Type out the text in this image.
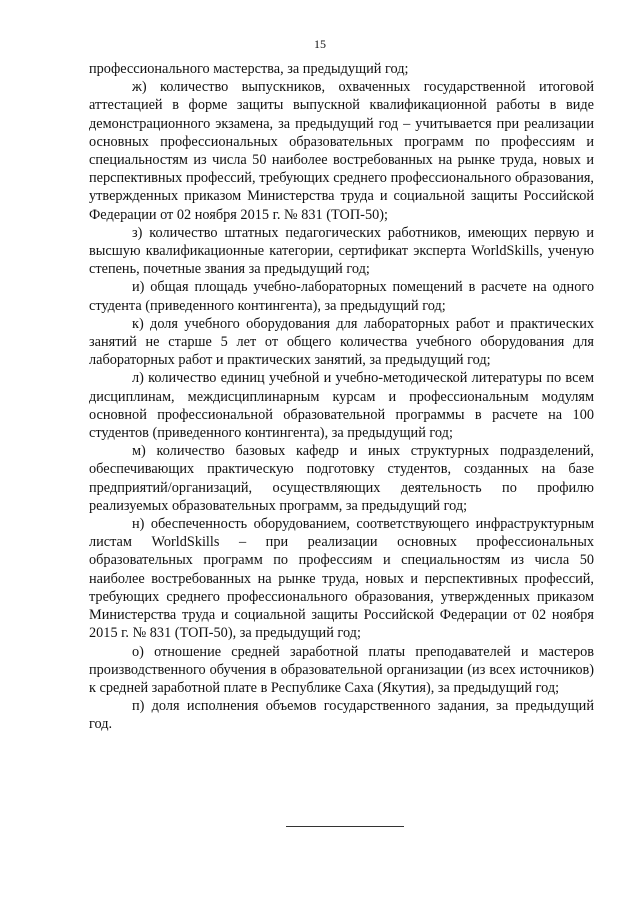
15

профессионального мастерства, за предыдущий год;

ж) количество выпускников, охваченных государственной итоговой аттестацией в форме защиты выпускной квалификационной работы в виде демонстрационного экзамена, за предыдущий год – учитывается при реализации основных профессиональных образовательных программ по профессиям и специальностям из числа 50 наиболее востребованных на рынке труда, новых и перспективных профессий, требующих среднего профессионального образования, утвержденных приказом Министерства труда и социальной защиты Российской Федерации от 02 ноября 2015 г. № 831 (ТОП-50);

з) количество штатных педагогических работников, имеющих первую и высшую квалификационные категории, сертификат эксперта WorldSkills, ученую степень, почетные звания за предыдущий год;

и) общая площадь учебно-лабораторных помещений в расчете на одного студента (приведенного контингента), за предыдущий год;

к) доля учебного оборудования для лабораторных работ и практических занятий не старше 5 лет от общего количества учебного оборудования для лабораторных работ и практических занятий, за предыдущий год;

л) количество единиц учебной и учебно-методической литературы по всем дисциплинам, междисциплинарным курсам и профессиональным модулям основной профессиональной образовательной программы в расчете на 100 студентов (приведенного контингента), за предыдущий год;

м) количество базовых кафедр и иных структурных подразделений, обеспечивающих практическую подготовку студентов, созданных на базе предприятий/организаций, осуществляющих деятельность по профилю реализуемых образовательных программ, за предыдущий год;

н) обеспеченность оборудованием, соответствующего инфраструктурным листам WorldSkills – при реализации основных профессиональных образовательных программ по профессиям и специальностям из числа 50 наиболее востребованных на рынке труда, новых и перспективных профессий, требующих среднего профессионального образования, утвержденных приказом Министерства труда и социальной защиты Российской Федерации от 02 ноября 2015 г. № 831 (ТОП-50), за предыдущий год;

о) отношение средней заработной платы преподавателей и мастеров производственного обучения в образовательной организации (из всех источников) к средней заработной плате в Республике Саха (Якутия), за предыдущий год;

п) доля исполнения объемов государственного задания, за предыдущий год.
